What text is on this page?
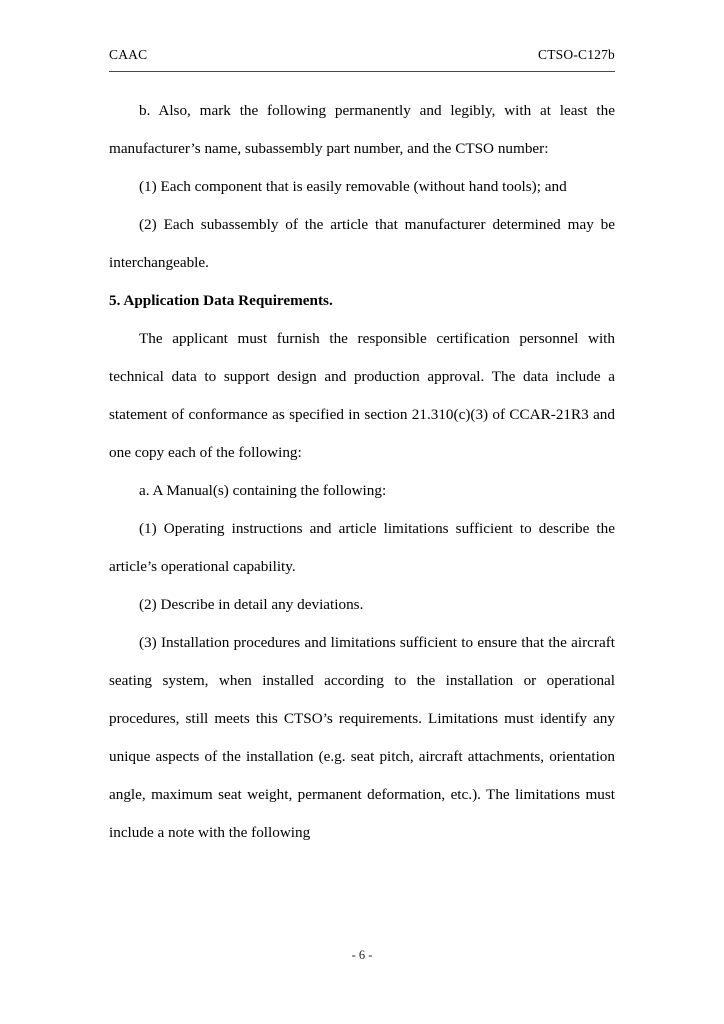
CAAC	CTSO-C127b

b. Also, mark the following permanently and legibly, with at least the manufacturer’s name, subassembly part number, and the CTSO number:

(1) Each component that is easily removable (without hand tools); and

(2) Each subassembly of the article that manufacturer determined may be interchangeable.

5. Application Data Requirements.

The applicant must furnish the responsible certification personnel with technical data to support design and production approval. The data include a statement of conformance as specified in section 21.310(c)(3) of CCAR-21R3 and one copy each of the following:

a. A Manual(s) containing the following:

(1) Operating instructions and article limitations sufficient to describe the article’s operational capability.

(2) Describe in detail any deviations.

(3) Installation procedures and limitations sufficient to ensure that the aircraft seating system, when installed according to the installation or operational procedures, still meets this CTSO’s requirements. Limitations must identify any unique aspects of the installation (e.g. seat pitch, aircraft attachments, orientation angle, maximum seat weight, permanent deformation, etc.). The limitations must include a note with the following

- 6 -
